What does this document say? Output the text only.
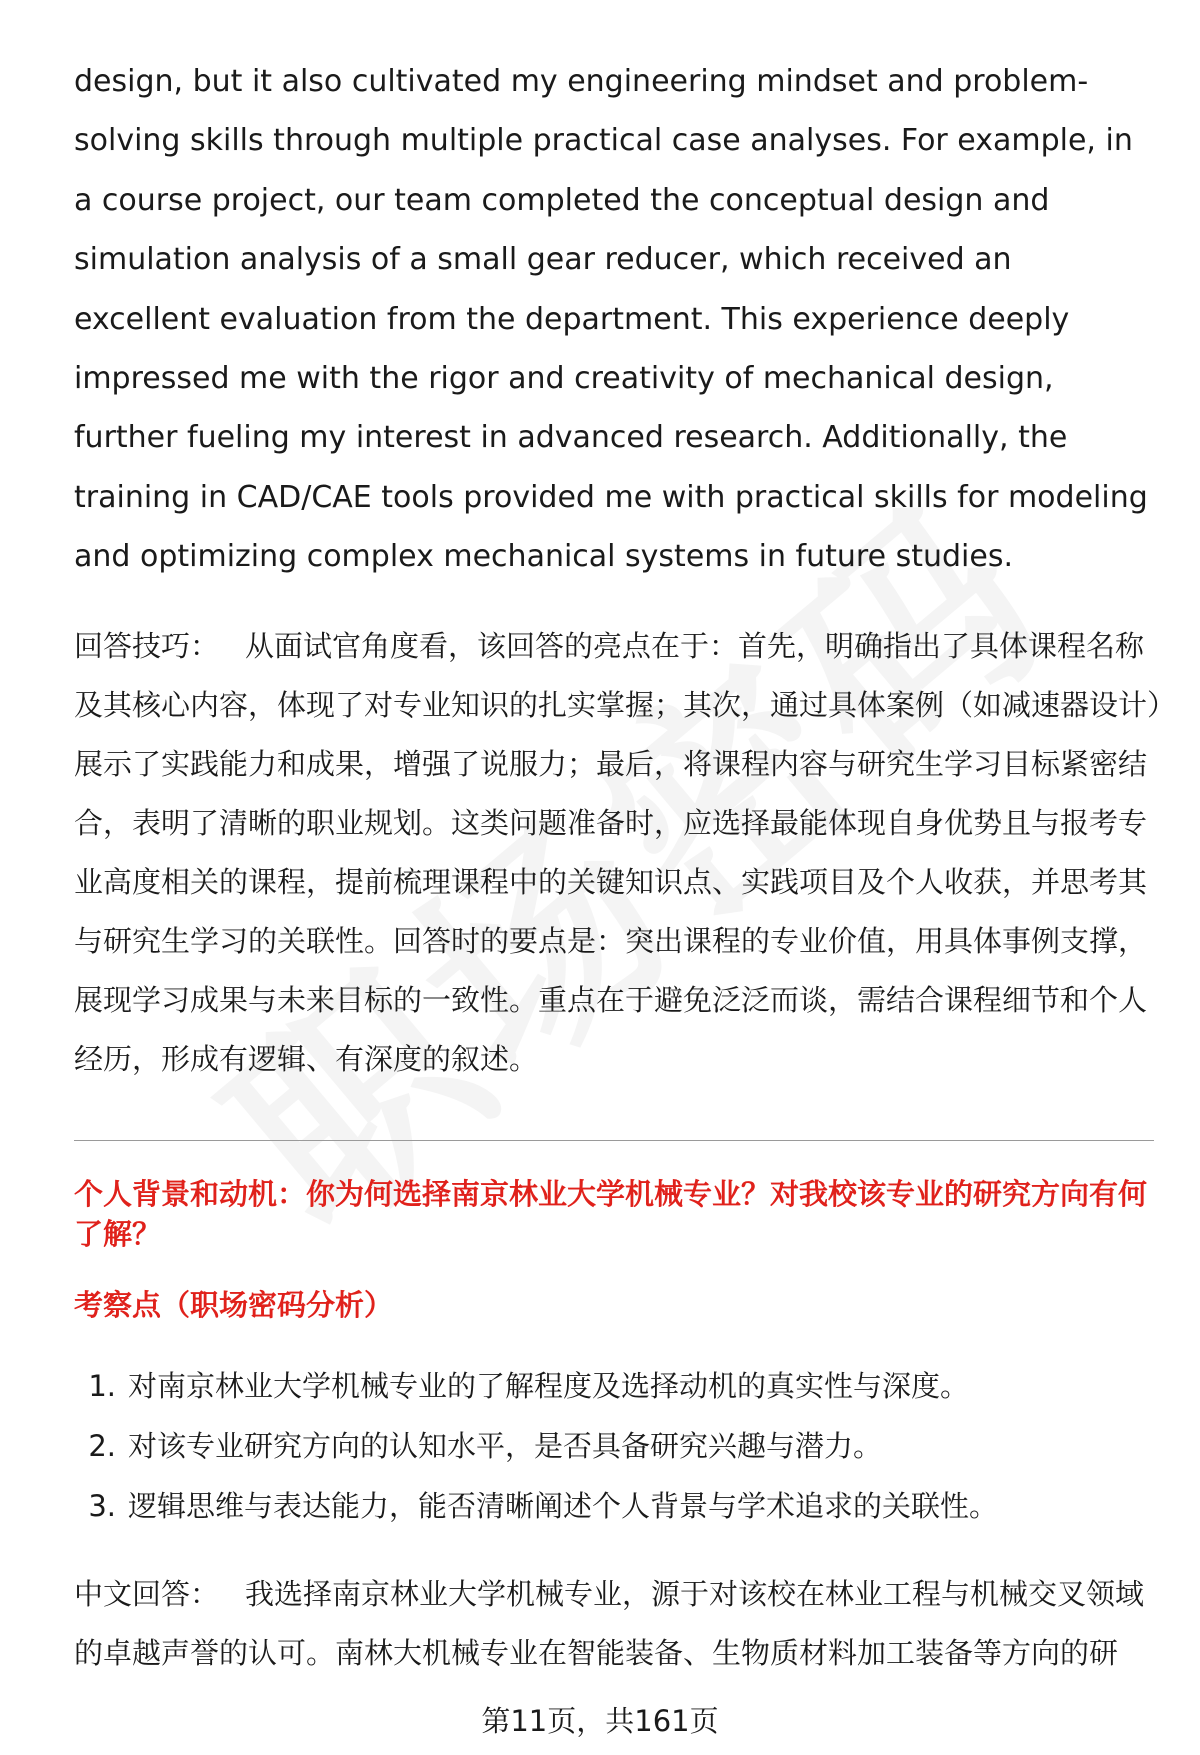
design, but it also cultivated my engineering mindset and problem-solving skills through multiple practical case analyses. For example, in a course project, our team completed the conceptual design and simulation analysis of a small gear reducer, which received an excellent evaluation from the department. This experience deeply impressed me with the rigor and creativity of mechanical design, further fueling my interest in advanced research. Additionally, the training in CAD/CAE tools provided me with practical skills for modeling and optimizing complex mechanical systems in future studies.

回答技巧： 从面试官角度看，该回答的亮点在于：首先，明确指出了具体课程名称及其核心内容，体现了对专业知识的扎实掌握；其次，通过具体案例（如减速器设计）展示了实践能力和成果，增强了说服力；最后，将课程内容与研究生学习目标紧密结合，表明了清晰的职业规划。这类问题准备时，应选择最能体现自身优势且与报考专业高度相关的课程，提前梳理课程中的关键知识点、实践项目及个人收获，并思考其与研究生学习的关联性。回答时的要点是：突出课程的专业价值，用具体事例支撑，展现学习成果与未来目标的一致性。重点在于避免泛泛而谈，需结合课程细节和个人经历，形成有逻辑、有深度的叙述。

个人背景和动机：你为何选择南京林业大学机械专业？对我校该专业的研究方向有何了解？

考察点（职场密码分析）

1. 对南京林业大学机械专业的了解程度及选择动机的真实性与深度。
2. 对该专业研究方向的认知水平，是否具备研究兴趣与潜力。
3. 逻辑思维与表达能力，能否清晰阐述个人背景与学术追求的关联性。

中文回答： 我选择南京林业大学机械专业，源于对该校在林业工程与机械交叉领域的卓越声誉的认可。南林大机械专业在智能装备、生物质材料加工装备等方向的研

第11页，共161页
